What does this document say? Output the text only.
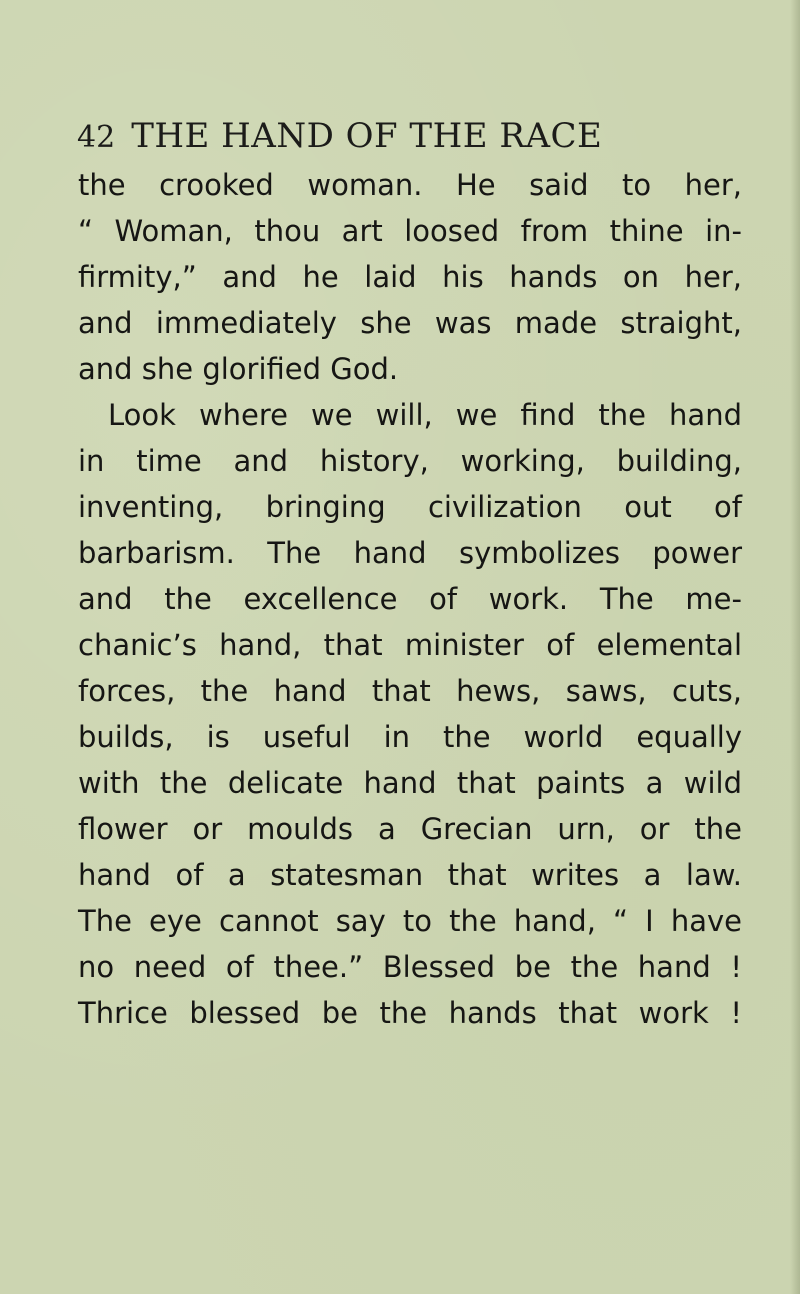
42 THE HAND OF THE RACE
the crooked woman. He said to her,
“ Woman, thou art loosed from thine in-
firmity,” and he laid his hands on her,
and immediately she was made straight,
and she glorified God.
Look where we will, we find the hand
in time and history, working, building,
inventing, bringing civilization out of
barbarism. The hand symbolizes power
and the excellence of work. The me-
chanic’s hand, that minister of elemental
forces, the hand that hews, saws, cuts,
builds, is useful in the world equally
with the delicate hand that paints a wild
flower or moulds a Grecian urn, or the
hand of a statesman that writes a law.
The eye cannot say to the hand, “ I have
no need of thee.” Blessed be the hand !
Thrice blessed be the hands that work !
